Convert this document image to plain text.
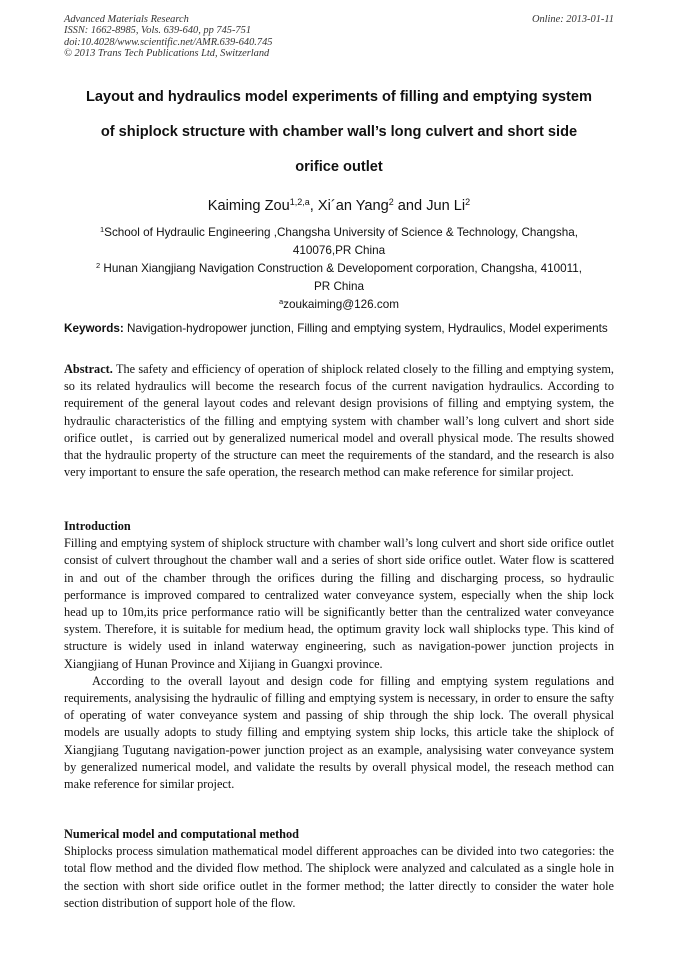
Advanced Materials Research
ISSN: 1662-8985, Vols. 639-640, pp 745-751
doi:10.4028/www.scientific.net/AMR.639-640.745
© 2013 Trans Tech Publications Ltd, Switzerland
Online: 2013-01-11
Layout and hydraulics model experiments of filling and emptying system
of shiplock structure with chamber wall’s long culvert and short side
orifice outlet
Kaiming Zou$^{1,2,a}$, Xi´an Yang$^2$ and Jun Li$^2$
$^1$School of Hydraulic Engineering ,Changsha University of Science & Technology, Changsha,
410076,PR China
$^2$ Hunan Xiangjiang Navigation Construction & Developoment corporation, Changsha, 410011,
PR China
$^a$zoukaiming@126.com
Keywords: Navigation-hydropower junction, Filling and emptying system, Hydraulics, Model experiments

Abstract. The safety and efficiency of operation of shiplock related closely to the filling and emptying system, so its related hydraulics will become the research focus of the current navigation hydraulics. According to requirement of the general layout codes and relevant design provisions of filling and emptying system, the hydraulic characteristics of the filling and emptying system with chamber wall’s long culvert and short side orifice outlet，is carried out by generalized numerical model and overall physical mode. The results showed that the hydraulic property of the structure can meet the requirements of the standard, and the research is also very important to ensure the safe operation, the research method can make reference for similar project.

Introduction

Filling and emptying system of shiplock structure with chamber wall’s long culvert and short side orifice outlet consist of culvert throughout the chamber wall and a series of short side orifice outlet. Water flow is scattered in and out of the chamber through the orifices during the filling and discharging process, so hydraulic performance is improved compared to centralized water conveyance system, especially when the ship lock head up to 10m,its price performance ratio will be significantly better than the centralized water conveyance system. Therefore, it is suitable for medium head, the optimum gravity lock wall shiplocks type. This kind of structure is widely used in inland waterway engineering, such as navigation-power junction projects in Xiangjiang of Hunan Province and Xijiang in Guangxi province.

According to the overall layout and design code for filling and emptying system regulations and requirements, analysising the hydraulic of filling and emptying system is necessary, in order to ensure the safty of operating of water conveyance system and passing of ship through the ship lock. The overall physical models are usually adopts to study filling and emptying system ship locks, this article take the shiplock of Xiangjiang Tugutang navigation-power junction project as an example, analysising water conveyance system by generalized numerical model, and validate the results by overall physical model, the reseach method can make reference for similar project.

Numerical model and computational method

Shiplocks process simulation mathematical model different approaches can be divided into two categories: the total flow method and the divided flow method. The shiplock were analyzed and calculated as a single hole in the section with short side orifice outlet in the former method; the latter directly to consider the water hole section distribution of support hole of the flow.
